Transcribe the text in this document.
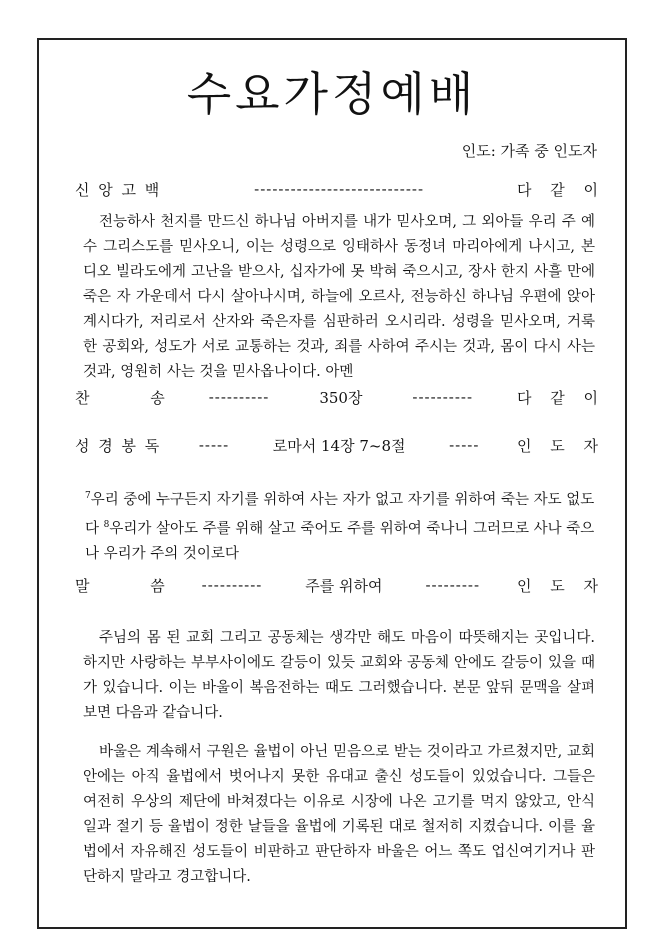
수요가정예배
인도: 가족 중 인도자
신 앙 고 백	----------------------------	다 같 이
전능하사 천지를 만드신 하나님 아버지를 내가 믿사오며, 그 외아들 우리 주 예수 그리스도를 믿사오니, 이는 성령으로 잉태하사 동정녀 마리아에게 나시고, 본디오 빌라도에게 고난을 받으사, 십자가에 못 박혀 죽으시고, 장사 한지 사흘 만에 죽은 자 가운데서 다시 살아나시며, 하늘에 오르사, 전능하신 하나님 우편에 앉아 계시다가, 저리로서 산자와 죽은자를 심판하러 오시리라. 성령을 믿사오며, 거룩한 공회와, 성도가 서로 교통하는 것과, 죄를 사하여 주시는 것과, 몸이 다시 사는 것과, 영원히 사는 것을 믿사옵나이다. 아멘
찬 송	----------	350장	----------	다 같 이
성 경 봉 독	-----	로마서 14장 7~8절	-----	인 도 자
$^7$우리 중에 누구든지 자기를 위하여 사는 자가 없고 자기를 위하여 죽는 자도 없도다 $^8$우리가 살아도 주를 위해 살고 죽어도 주를 위하여 죽나니 그러므로 사나 죽으나 우리가 주의 것이로다
말 씀	----------	주를 위하여	---------	인 도 자
주님의 몸 된 교회 그리고 공동체는 생각만 해도 마음이 따뜻해지는 곳입니다. 하지만 사랑하는 부부사이에도 갈등이 있듯 교회와 공동체 안에도 갈등이 있을 때가 있습니다. 이는 바울이 복음전하는 때도 그러했습니다. 본문 앞뒤 문맥을 살펴보면 다음과 같습니다.
바울은 계속해서 구원은 율법이 아닌 믿음으로 받는 것이라고 가르쳤지만, 교회 안에는 아직 율법에서 벗어나지 못한 유대교 출신 성도들이 있었습니다. 그들은 여전히 우상의 제단에 바쳐졌다는 이유로 시장에 나온 고기를 먹지 않았고, 안식일과 절기 등 율법이 정한 날들을 율법에 기록된 대로 철저히 지켰습니다. 이를 율법에서 자유해진 성도들이 비판하고 판단하자 바울은 어느 쪽도 업신여기거나 판단하지 말라고 경고합니다.
